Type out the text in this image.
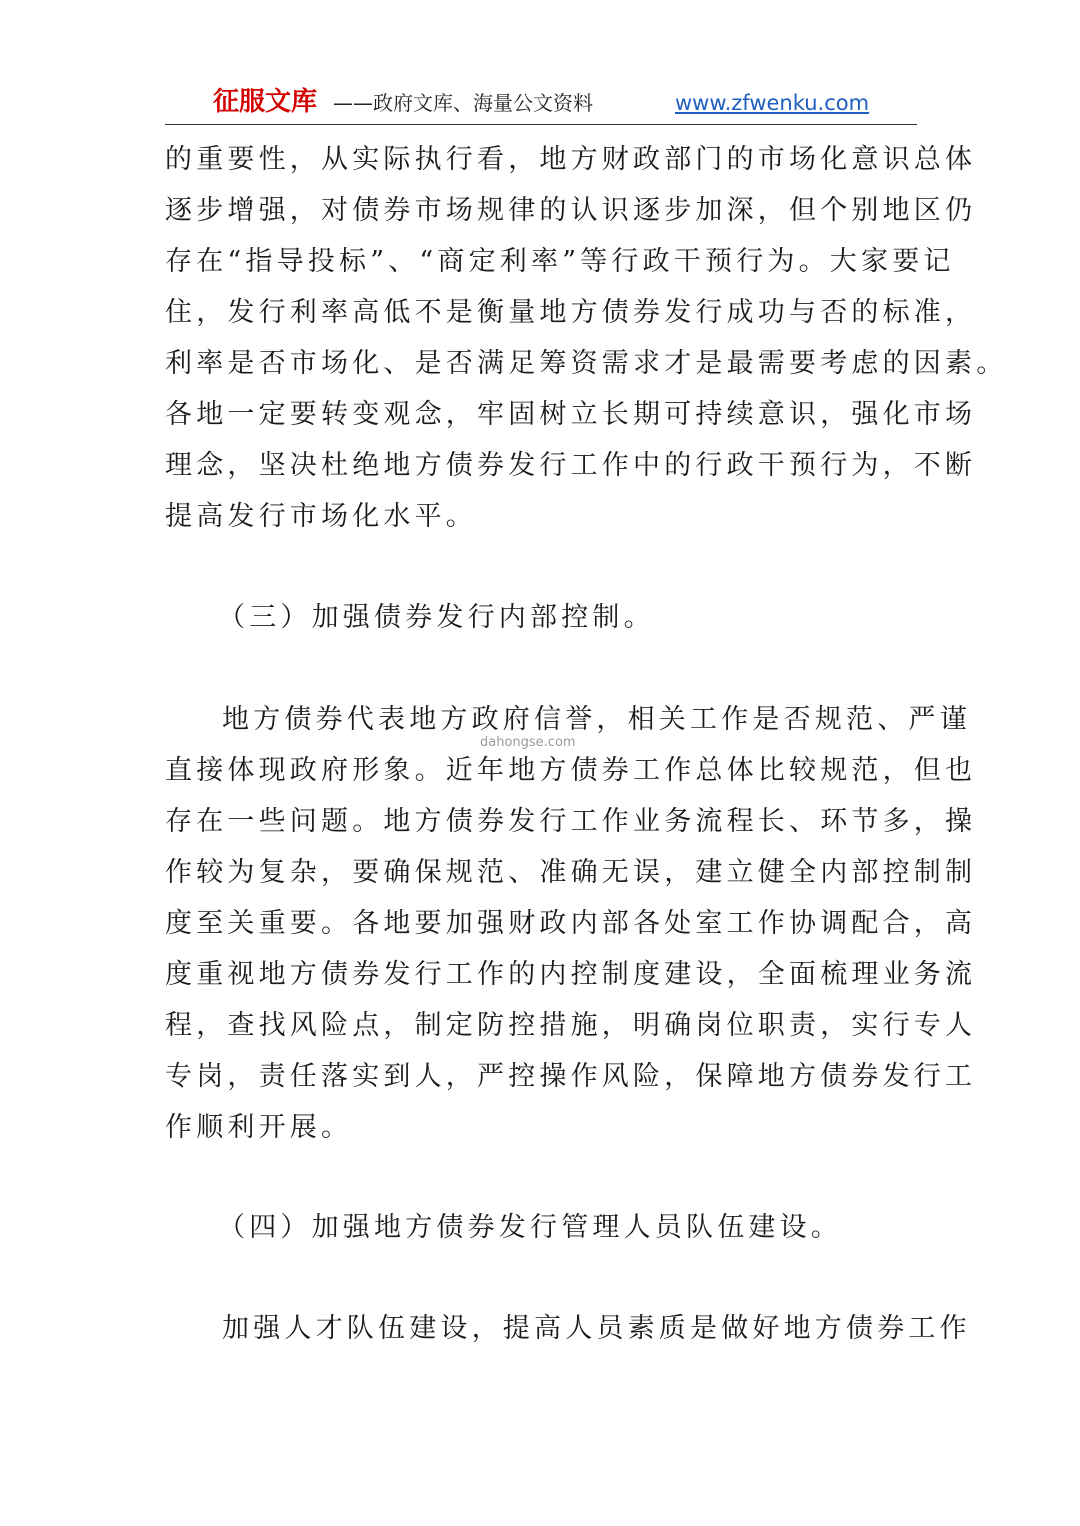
征服文库 ——政府文库、海量公文资料	www.zfwenku.com
的重要性，从实际执行看，地方财政部门的市场化意识总体
逐步增强，对债券市场规律的认识逐步加深，但个别地区仍
存在“指导投标”、“商定利率”等行政干预行为。大家要记
住，发行利率高低不是衡量地方债券发行成功与否的标准，
利率是否市场化、是否满足筹资需求才是最需要考虑的因素。
各地一定要转变观念，牢固树立长期可持续意识，强化市场
理念，坚决杜绝地方债券发行工作中的行政干预行为，不断
提高发行市场化水平。
（三）加强债券发行内部控制。
地方债券代表地方政府信誉，相关工作是否规范、严谨
直接体现政府形象。近年地方债券工作总体比较规范，但也
存在一些问题。地方债券发行工作业务流程长、环节多，操
作较为复杂，要确保规范、准确无误，建立健全内部控制制
度至关重要。各地要加强财政内部各处室工作协调配合，高
度重视地方债券发行工作的内控制度建设，全面梳理业务流
程，查找风险点，制定防控措施，明确岗位职责，实行专人
专岗，责任落实到人，严控操作风险，保障地方债券发行工
作顺利开展。
（四）加强地方债券发行管理人员队伍建设。
加强人才队伍建设，提高人员素质是做好地方债券工作
dahongse.com
